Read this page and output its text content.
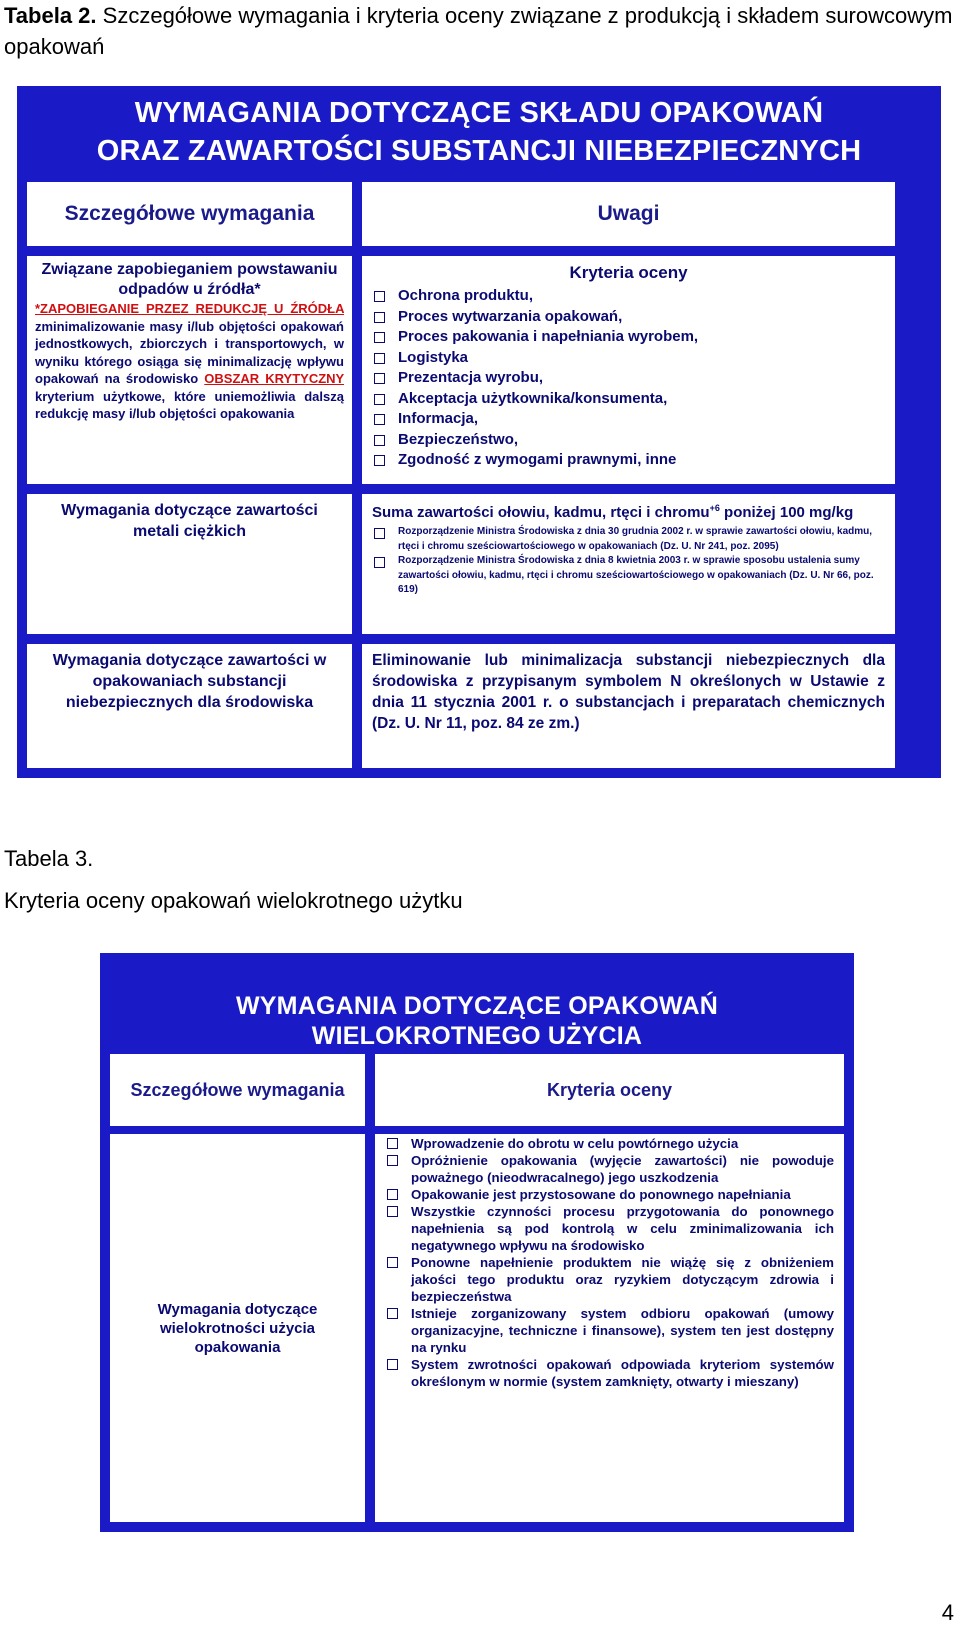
Tabela 2. Szczegółowe wymagania i kryteria oceny związane z produkcją i składem surowcowym opakowań
WYMAGANIA DOTYCZĄCE SKŁADU OPAKOWAŃ
ORAZ ZAWARTOŚCI SUBSTANCJI NIEBEZPIECZNYCH
Szczegółowe wymagania	Uwagi
Związane zapobieganiem powstawaniu odpadów u źródła*
*ZAPOBIEGANIE PRZEZ REDUKCJĘ U ŹRÓDŁA zminimalizowanie masy i/lub objętości opakowań jednostkowych, zbiorczych i transportowych, w wyniku którego osiąga się minimalizację wpływu opakowań na środowisko OBSZAR KRYTYCZNY kryterium użytkowe, które uniemożliwia dalszą redukcję masy i/lub objętości opakowania
Kryteria oceny
Ochrona produktu,
Proces wytwarzania opakowań,
Proces pakowania i napełniania wyrobem,
Logistyka
Prezentacja wyrobu,
Akceptacja użytkownika/konsumenta,
Informacja,
Bezpieczeństwo,
Zgodność z wymogami prawnymi, inne
Wymagania dotyczące zawartości metali ciężkich
Suma zawartości ołowiu, kadmu, rtęci i chromu$^{+6}$ poniżej 100 mg/kg
Rozporządzenie Ministra Środowiska z dnia 30 grudnia 2002 r. w sprawie zawartości ołowiu, kadmu, rtęci i chromu sześciowartościowego w opakowaniach (Dz. U. Nr 241, poz. 2095)
Rozporządzenie Ministra Środowiska z dnia 8 kwietnia 2003 r. w sprawie sposobu ustalenia sumy zawartości ołowiu, kadmu, rtęci i chromu sześciowartościowego w opakowaniach (Dz. U. Nr 66, poz. 619)
Wymagania dotyczące zawartości w opakowaniach substancji niebezpiecznych dla środowiska
Eliminowanie lub minimalizacja substancji niebezpiecznych dla środowiska z przypisanym symbolem N określonych w Ustawie z dnia 11 stycznia 2001 r. o substancjach i preparatach chemicznych (Dz. U. Nr 11, poz. 84 ze zm.)
Tabela 3.
Kryteria oceny opakowań wielokrotnego użytku
WYMAGANIA DOTYCZĄCE OPAKOWAŃ
WIELOKROTNEGO UŻYCIA
Szczegółowe wymagania	Kryteria oceny
Wymagania dotyczące wielokrotności użycia opakowania
Wprowadzenie do obrotu w celu powtórnego użycia
Opróżnienie opakowania (wyjęcie zawartości) nie powoduje poważnego (nieodwracalnego) jego uszkodzenia
Opakowanie jest przystosowane do ponownego napełniania
Wszystkie czynności procesu przygotowania do ponownego napełnienia są pod kontrolą w celu zminimalizowania ich negatywnego wpływu na środowisko
Ponowne napełnienie produktem nie wiążę się z obniżeniem jakości tego produktu oraz ryzykiem dotyczącym zdrowia i bezpieczeństwa
Istnieje zorganizowany system odbioru opakowań (umowy organizacyjne, techniczne i finansowe), system ten jest dostępny na rynku
System zwrotności opakowań odpowiada kryteriom systemów określonym w normie (system zamknięty, otwarty i mieszany)
4
